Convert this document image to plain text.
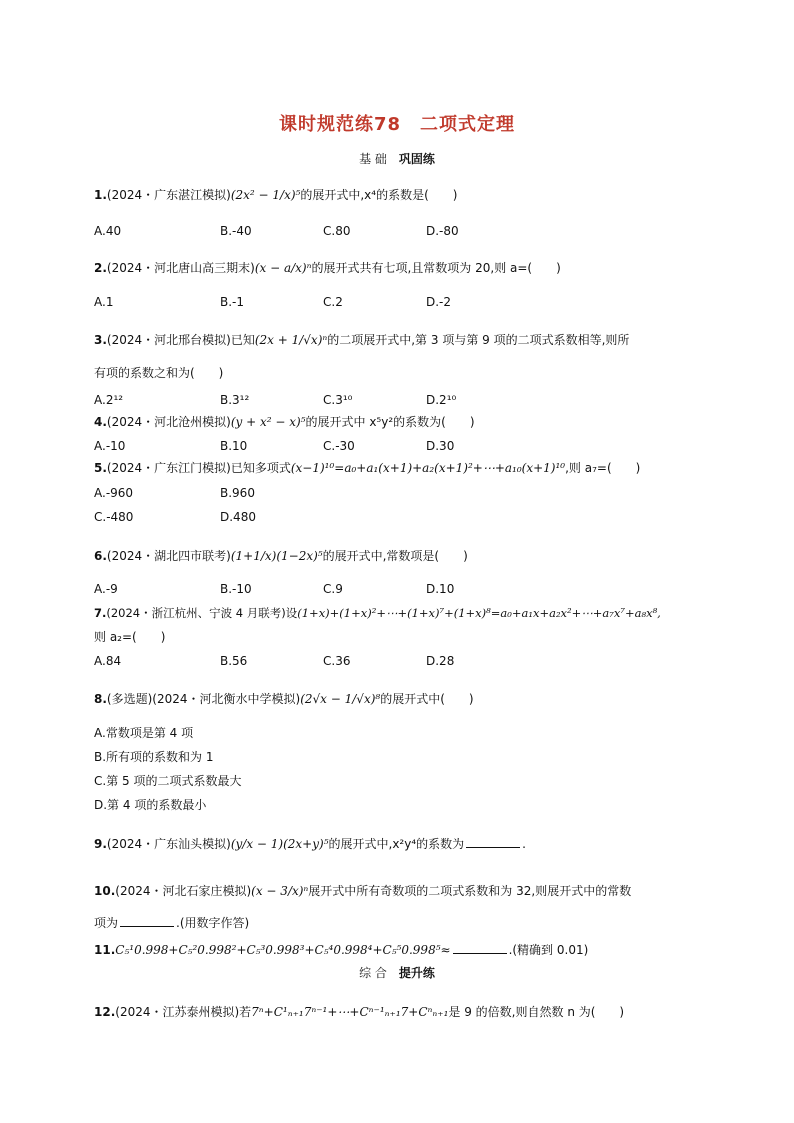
课时规范练78　二项式定理
基 础 巩固练
1.(2024・广东湛江模拟)(2x² − 1/x)⁵的展开式中,x⁴的系数是(　　)
A.40	B.-40	C.80	D.-80
2.(2024・河北唐山高三期末)(x − a/x)ⁿ的展开式共有七项,且常数项为 20,则 a=(　　)
A.1	B.-1	C.2	D.-2
3.(2024・河北邢台模拟)已知(2x + 1/√x)ⁿ的二项展开式中,第 3 项与第 9 项的二项式系数相等,则所
有项的系数之和为(　　)
A.2¹²	B.3¹²	C.3¹⁰	D.2¹⁰
4.(2024・河北沧州模拟)(y + x² − x)⁵的展开式中 x⁵y²的系数为(　　)
A.-10	B.10	C.-30	D.30
5.(2024・广东江门模拟)已知多项式(x−1)¹⁰=a₀+a₁(x+1)+a₂(x+1)²+⋯+a₁₀(x+1)¹⁰,则 a₇=(　　)
A.-960	B.960
C.-480	D.480
6.(2024・湖北四市联考)(1+1/x)(1−2x)⁵的展开式中,常数项是(　　)
A.-9	B.-10	C.9	D.10
7.(2024・浙江杭州、宁波 4 月联考)设(1+x)+(1+x)²+⋯+(1+x)⁷+(1+x)⁸=a₀+a₁x+a₂x²+⋯+a₇x⁷+a₈x⁸,
则 a₂=(　　)
A.84	B.56	C.36	D.28
8.(多选题)(2024・河北衡水中学模拟)(2√x − 1/√x)⁸的展开式中(　　)
A.常数项是第 4 项
B.所有项的系数和为 1
C.第 5 项的二项式系数最大
D.第 4 项的系数最小
9.(2024・广东汕头模拟)(y/x − 1)(2x+y)⁵的展开式中,x²y⁴的系数为	.
10.(2024・河北石家庄模拟)(x − 3/x)ⁿ展开式中所有奇数项的二项式系数和为 32,则展开式中的常数
项为	.(用数字作答)
11.C₅¹0.998+C₅²0.998²+C₅³0.998³+C₅⁴0.998⁴+C₅⁵0.998⁵≈	.(精确到 0.01)
综 合 提升练
12.(2024・江苏泰州模拟)若7ⁿ+C¹ₙ₊₁7ⁿ⁻¹+⋯+Cⁿ⁻¹ₙ₊₁7+Cⁿₙ₊₁是 9 的倍数,则自然数 n 为(　　)
